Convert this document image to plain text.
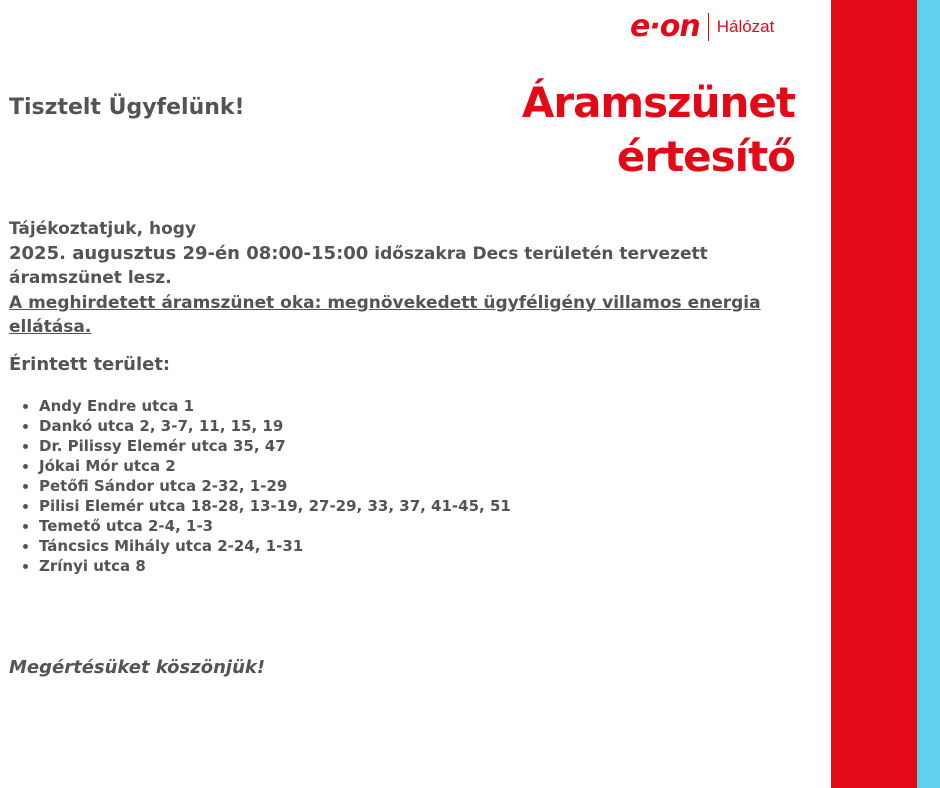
e·on Hálózat
Áramszünet
értesítő
Tisztelt Ügyfelünk!
Tájékoztatjuk, hogy
2025. augusztus 29-én 08:00-15:00 időszakra Decs területén tervezett
áramszünet lesz.
A meghirdetett áramszünet oka: megnövekedett ügyféligény villamos energia ellátása.
Érintett terület:
• Andy Endre utca 1
• Dankó utca 2, 3-7, 11, 15, 19
• Dr. Pilissy Elemér utca 35, 47
• Jókai Mór utca 2
• Petőfi Sándor utca 2-32, 1-29
• Pilisi Elemér utca 18-28, 13-19, 27-29, 33, 37, 41-45, 51
• Temető utca 2-4, 1-3
• Táncsics Mihály utca 2-24, 1-31
• Zrínyi utca 8
Megértésüket köszönjük!
